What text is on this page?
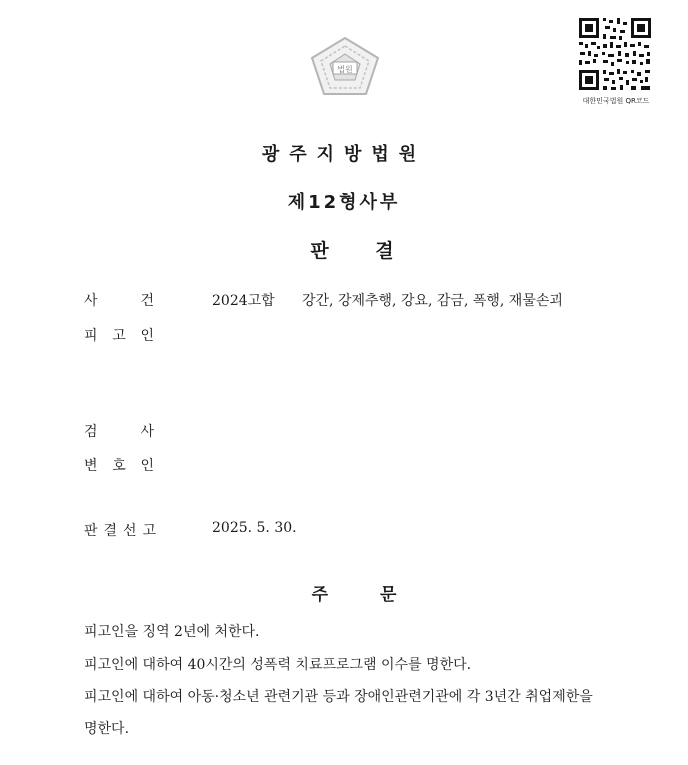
법원
대한민국법원 QR코드
광주지방법원
제12형사부
판 결
사	건	2024고합 강간, 강제추행, 강요, 감금, 폭행, 재물손괴
피 고 인
검	사
변 호 인
판 결 선 고	2025. 5. 30.
주 문
피고인을 징역 2년에 처한다.
피고인에 대하여 40시간의 성폭력 치료프로그램 이수를 명한다.
피고인에 대하여 아동·청소년 관련기관 등과 장애인관련기관에 각 3년간 취업제한을
명한다.
